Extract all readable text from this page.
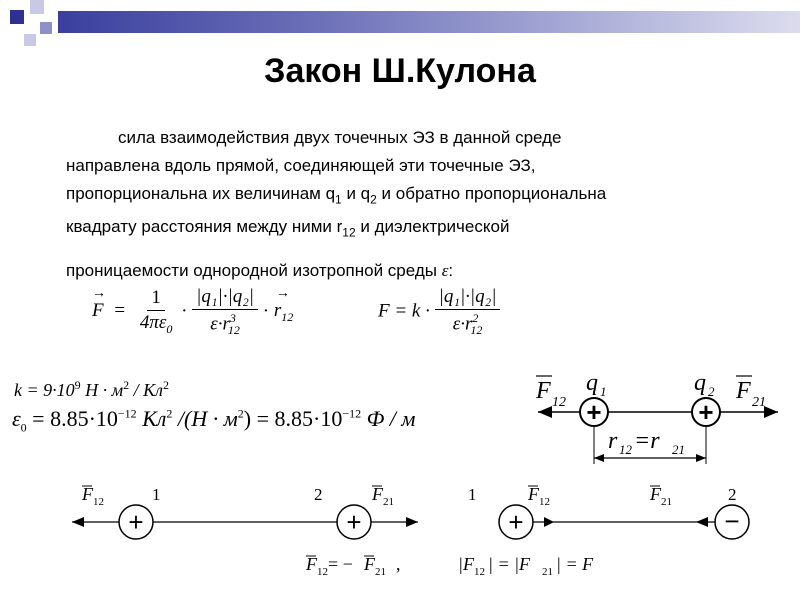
Закон Ш.Кулона

сила взаимодействия двух точечных ЭЗ в данной среде

направлена вдоль прямой, соединяющей эти точечные ЭЗ,

пропорциональна их величинам $q_1$ и $q_2$ и обратно пропорциональна

квадрату расстояния между ними $r_{12}$ и диэлектрической

проницаемости однородной изотропной среды ε:

→
$F = \frac{1}{4\pi\varepsilon_0} \cdot \frac{\text{|q₁|·|q₂|}}{\varepsilon\cdot r^3_{12}}$ ·
→
$r_{12}$	$F = k \cdot \frac{\text{|q₁|·|q₂|}}{\varepsilon\cdot r^2_{12}}$
$k = 9\cdot 10^9$ $Н \cdot м^2 / Кл^2$
$\varepsilon_0 = 8.85\cdot 10^{-12}$ $Кл^2$ $/(Н \cdot м^2) = 8.85\cdot 10^{-12}$ Ф / м	+	+
F 12
q 1	q 2 F 21
r 12 =r 21
+	+
F 12	1	2	F 21
F 12 = − F 21 ,
+	−
1	F 12	F 21	2
|F 12 | = |F 21 | = F
